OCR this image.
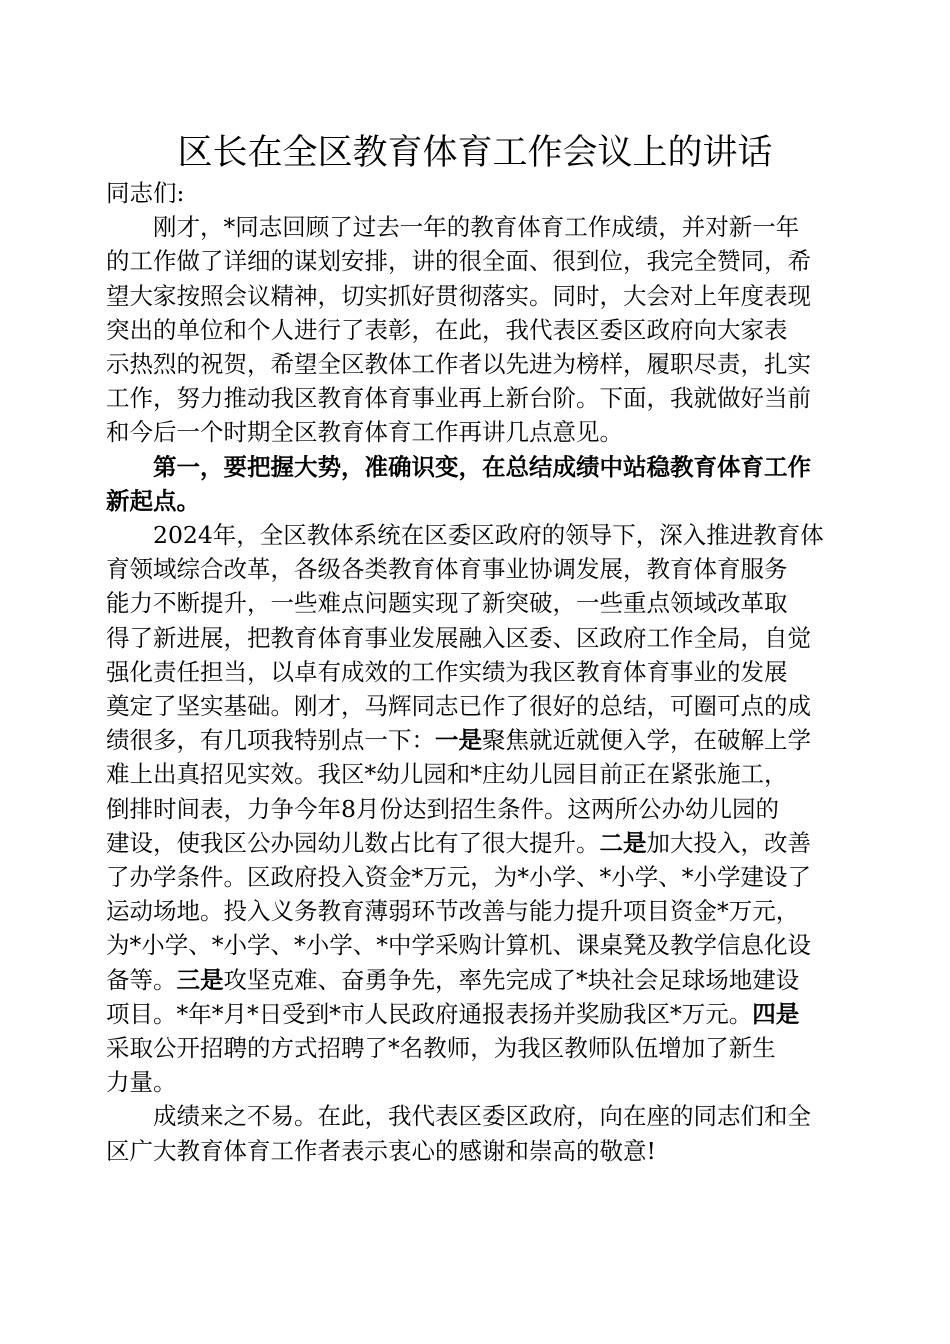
区长在全区教育体育工作会议上的讲话

同志们:

　　刚才，*同志回顾了过去一年的教育体育工作成绩，并对新一年
的工作做了详细的谋划安排，讲的很全面、很到位，我完全赞同，希
望大家按照会议精神，切实抓好贯彻落实。同时，大会对上年度表现
突出的单位和个人进行了表彰，在此，我代表区委区政府向大家表
示热烈的祝贺，希望全区教体工作者以先进为榜样，履职尽责，扎实
工作，努力推动我区教育体育事业再上新台阶。下面，我就做好当前
和今后一个时期全区教育体育工作再讲几点意见。

　　第一，要把握大势，准确识变，在总结成绩中站稳教育体育工作
新起点。

　　2024年，全区教体系统在区委区政府的领导下，深入推进教育体
育领域综合改革，各级各类教育体育事业协调发展，教育体育服务
能力不断提升，一些难点问题实现了新突破，一些重点领域改革取
得了新进展，把教育体育事业发展融入区委、区政府工作全局，自觉
强化责任担当，以卓有成效的工作实绩为我区教育体育事业的发展
奠定了坚实基础。刚才，马辉同志已作了很好的总结，可圈可点的成
绩很多，有几项我特别点一下：一是聚焦就近就便入学，在破解上学
难上出真招见实效。我区*幼儿园和*庄幼儿园目前正在紧张施工，
倒排时间表，力争今年8月份达到招生条件。这两所公办幼儿园的
建设，使我区公办园幼儿数占比有了很大提升。二是加大投入，改善
了办学条件。区政府投入资金*万元，为*小学、*小学、*小学建设了
运动场地。投入义务教育薄弱环节改善与能力提升项目资金*万元，
为*小学、*小学、*小学、*中学采购计算机、课桌凳及教学信息化设
备等。三是攻坚克难、奋勇争先，率先完成了*块社会足球场地建设
项目。*年*月*日受到*市人民政府通报表扬并奖励我区*万元。四是
采取公开招聘的方式招聘了*名教师，为我区教师队伍增加了新生
力量。

　　成绩来之不易。在此，我代表区委区政府，向在座的同志们和全
区广大教育体育工作者表示衷心的感谢和崇高的敬意!
